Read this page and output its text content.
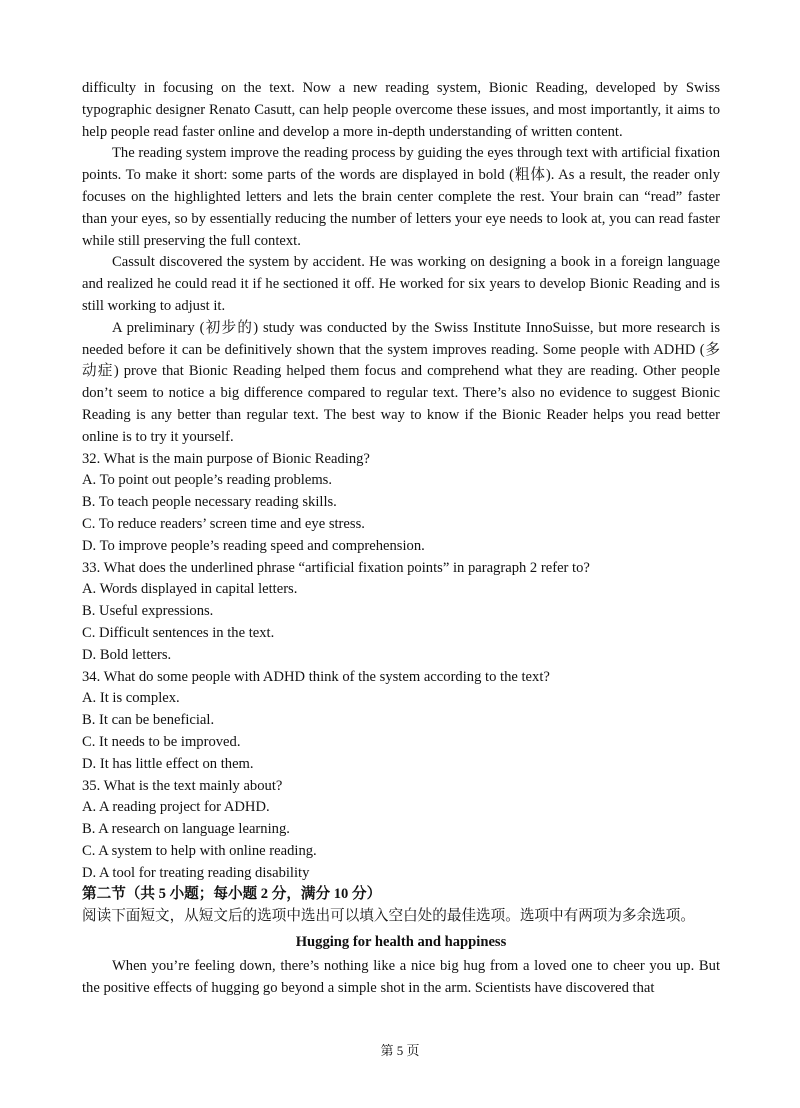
difficulty in focusing on the text. Now a new reading system, Bionic Reading, developed by Swiss typographic designer Renato Casutt, can help people overcome these issues, and most importantly, it aims to help people read faster online and develop a more in-depth understanding of written content.

The reading system improve the reading process by guiding the eyes through text with artificial fixation points. To make it short: some parts of the words are displayed in bold (粗体). As a result, the reader only focuses on the highlighted letters and lets the brain center complete the rest. Your brain can “read” faster than your eyes, so by essentially reducing the number of letters your eye needs to look at, you can read faster while still preserving the full context.

Cassult discovered the system by accident. He was working on designing a book in a foreign language and realized he could read it if he sectioned it off. He worked for six years to develop Bionic Reading and is still working to adjust it.

A preliminary (初步的) study was conducted by the Swiss Institute InnoSuisse, but more research is needed before it can be definitively shown that the system improves reading. Some people with ADHD (多动症) prove that Bionic Reading helped them focus and comprehend what they are reading. Other people don’t seem to notice a big difference compared to regular text. There’s also no evidence to suggest Bionic Reading is any better than regular text. The best way to know if the Bionic Reader helps you read better online is to try it yourself.

32. What is the main purpose of Bionic Reading?

A. To point out people’s reading problems.

B. To teach people necessary reading skills.

C. To reduce readers’ screen time and eye stress.

D. To improve people’s reading speed and comprehension.

33. What does the underlined phrase “artificial fixation points” in paragraph 2 refer to?

A. Words displayed in capital letters.

B. Useful expressions.

C. Difficult sentences in the text.

D. Bold letters.

34. What do some people with ADHD think of the system according to the text?

A. It is complex.

B. It can be beneficial.

C. It needs to be improved.

D. It has little effect on them.

35. What is the text mainly about?

A. A reading project for ADHD.

B. A research on language learning.

C. A system to help with online reading.

D. A tool for treating reading disability

第二节（共 5 小题；每小题 2 分，满分 10 分）

阅读下面短文，从短文后的选项中选出可以填入空白处的最佳选项。选项中有两项为多余选项。

Hugging for health and happiness

When you’re feeling down, there’s nothing like a nice big hug from a loved one to cheer you up. But the positive effects of hugging go beyond a simple shot in the arm. Scientists have discovered that

第 5 页
